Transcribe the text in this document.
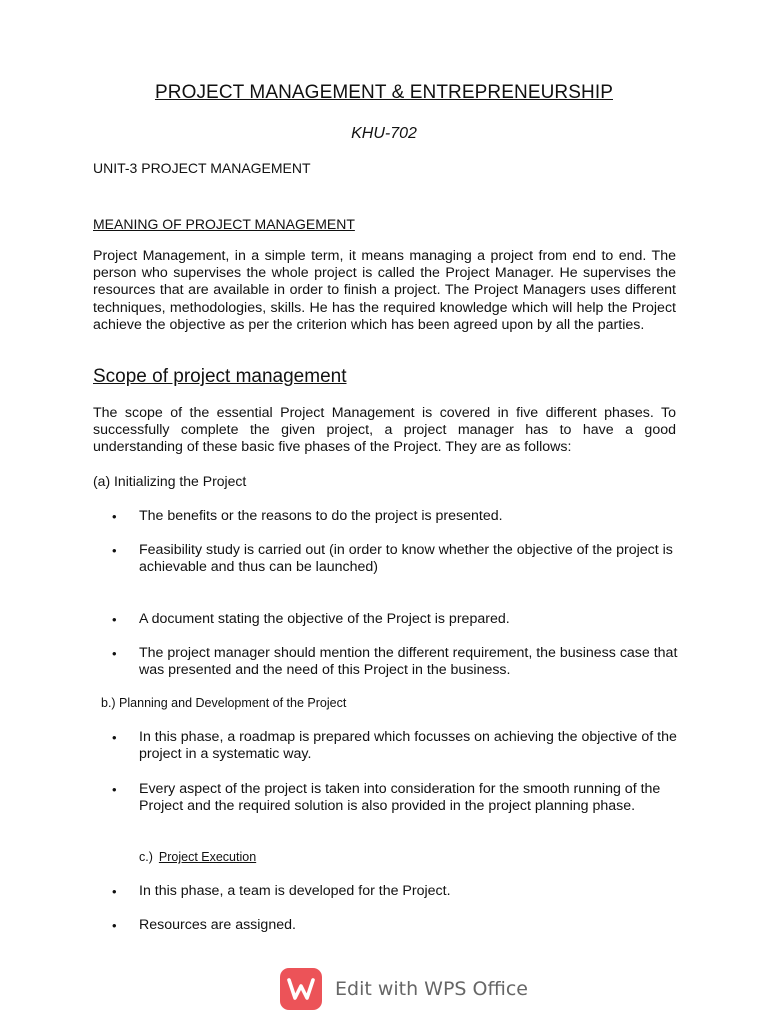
PROJECT MANAGEMENT & ENTREPRENEURSHIP
KHU-702
UNIT-3 PROJECT MANAGEMENT
MEANING OF PROJECT MANAGEMENT

Project Management, in a simple term, it means managing a project from end to end. The person who supervises the whole project is called the Project Manager. He supervises the resources that are available in order to finish a project. The Project Managers uses different techniques, methodologies, skills. He has the required knowledge which will help the Project achieve the objective as per the criterion which has been agreed upon by all the parties.

Scope of project management

The scope of the essential Project Management is covered in five different phases. To successfully complete the given project, a project manager has to have a good understanding of these basic five phases of the Project. They are as follows:

(a) Initializing the Project
•	The benefits or the reasons to do the project is presented.
•	Feasibility study is carried out (in order to know whether the objective of the project is achievable and thus can be launched)
•	A document stating the objective of the Project is prepared.
•	The project manager should mention the different requirement, the business case that was presented and the need of this Project in the business.
b.) Planning and Development of the Project
•	In this phase, a roadmap is prepared which focusses on achieving the objective of the project in a systematic way.
•	Every aspect of the project is taken into consideration for the smooth running of the Project and the required solution is also provided in the project planning phase.
c.) Project Execution
•	In this phase, a team is developed for the Project.
•	Resources are assigned.
Edit with WPS Office
